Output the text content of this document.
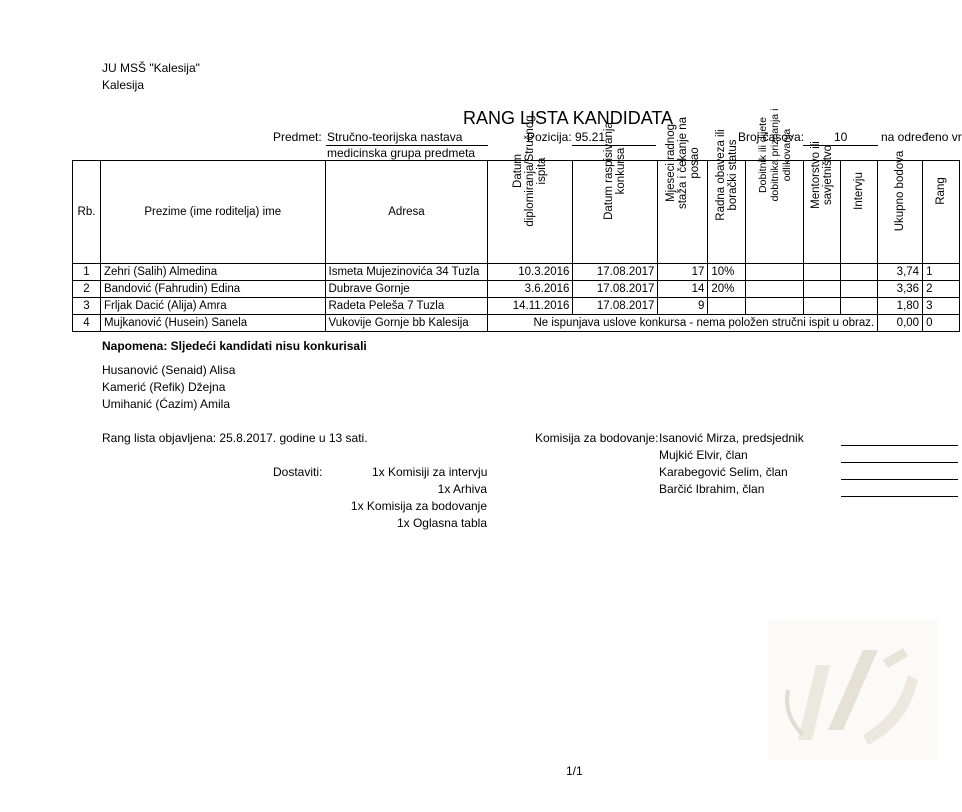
JU MSŠ "Kalesija"
Kalesija
RANG LISTA KANDIDATA
Predmet: Stručno-teorijska nastava
medicinska grupa predmeta
Pozicija: 95.21	Broj časova: 10	na određeno vr
Rb.	Prezime (ime roditelja) ime	Adresa	Datum diplomiranja/Stručnog ispita	Datum raspisivanja konkursa	Mjeseci radnog staža i čekanje na posao	Radna obaveza ili borački status	Dobitnik ili dijete dobitnika priznanja i odlikovanja	Mentorstvo ili savjetništvo	Intervju	Ukupno bodova	Rang

1	Zehri (Salih) Almedina	Ismeta Mujezinovića 34 Tuzla	10.3.2016	17.08.2017	17	10%				3,74	1
2	Bandović (Fahrudin) Edina	Dubrave Gornje	3.6.2016	17.08.2017	14	20%				3,36	2
3	Frljak Dacić (Alija) Amra	Radeta Peleša 7 Tuzla	14.11.2016	17.08.2017	9					1,80	3
4	Mujkanović (Husein) Sanela	Vukovije Gornje bb Kalesija	Ne ispunjava uslove konkursa - nema položen stručni ispit u obraz.							0,00	0
Napomena: Sljedeći kandidati nisu konkurisali
Husanović (Senaid) Alisa
Kamerić (Refik) Džejna
Umihanić (Ćazim) Amila
Rang lista objavljena: 25.8.2017. godine u 13 sati.	Komisija za bodovanje: Isanović Mirza, predsjednik
Mujkić Elvir, član
Karabegović Selim, član
Barčić Ibrahim, član
Dostaviti:	1x Komisiji za intervju
1x Arhiva
1x Komisija za bodovanje
1x Oglasna tabla
1/1
